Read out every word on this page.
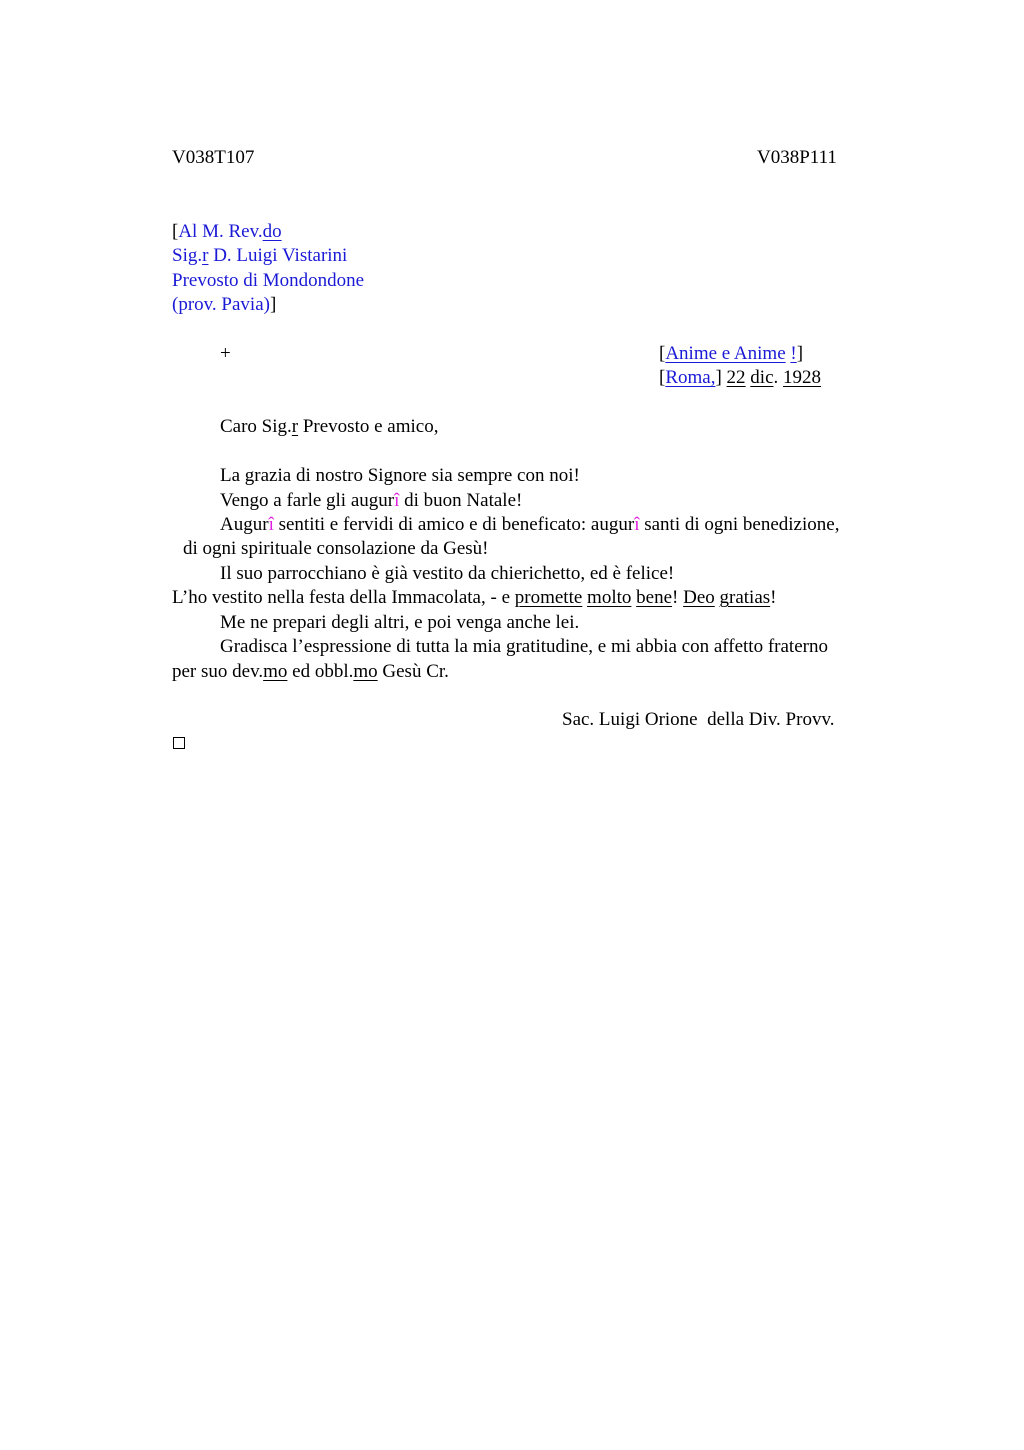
V038T107	V038P111
[Al M. Rev.do
Sig.r D. Luigi Vistarini
Prevosto di Mondondone
(prov. Pavia)]
+	[Anime e Anime !]
[Roma,] 22 dic. 1928
Caro Sig.r Prevosto e amico,
La grazia di nostro Signore sia sempre con noi!
Vengo a farle gli augurî di buon Natale!
Augurî sentiti e fervidi di amico e di beneficato: augurî santi di ogni benedizione,
di ogni spirituale consolazione da Gesù!
Il suo parrocchiano è già vestito da chierichetto, ed è felice!
L’ho vestito nella festa della Immacolata, - e promette molto bene! Deo gratias!
Me ne prepari degli altri, e poi venga anche lei.
Gradisca l’espressione di tutta la mia gratitudine, e mi abbia con affetto fraterno
per suo dev.mo ed obbl.mo Gesù Cr.
Sac. Luigi Orione  della Div. Provv.
